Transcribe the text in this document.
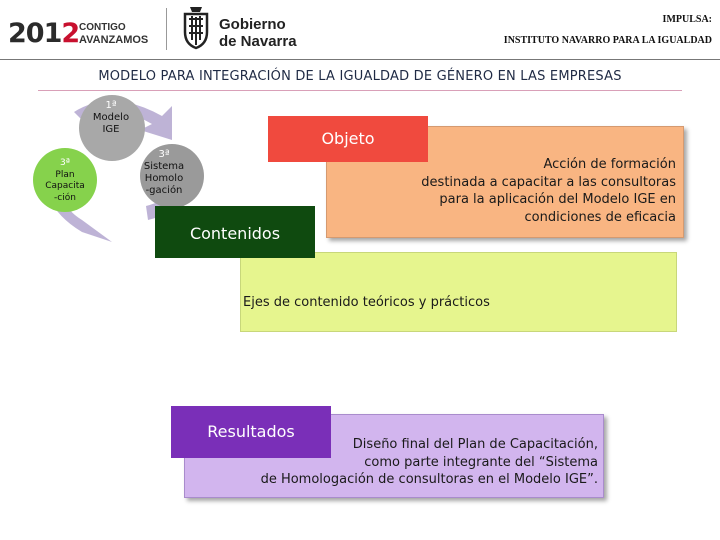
2012 CONTIGO
AVANZAMOS
Gobierno
de Navarra
IMPULSA:
INSTITUTO NAVARRO PARA LA IGUALDAD
MODELO PARA INTEGRACIÓN DE LA IGUALDAD DE GÉNERO EN LAS EMPRESAS
1ª
Modelo
IGE
3ª
Sistema
Homolo
-gación
3ª
Plan
Capacita
-ción
Acción de formación
destinada a capacitar a las consultoras
para la aplicación del Modelo IGE en
condiciones de eficacia
Objeto
Ejes de contenido teóricos y prácticos
Contenidos
Diseño final del Plan de Capacitación,
como parte integrante del “Sistema
de Homologación de consultoras en el Modelo IGE”.
Resultados
